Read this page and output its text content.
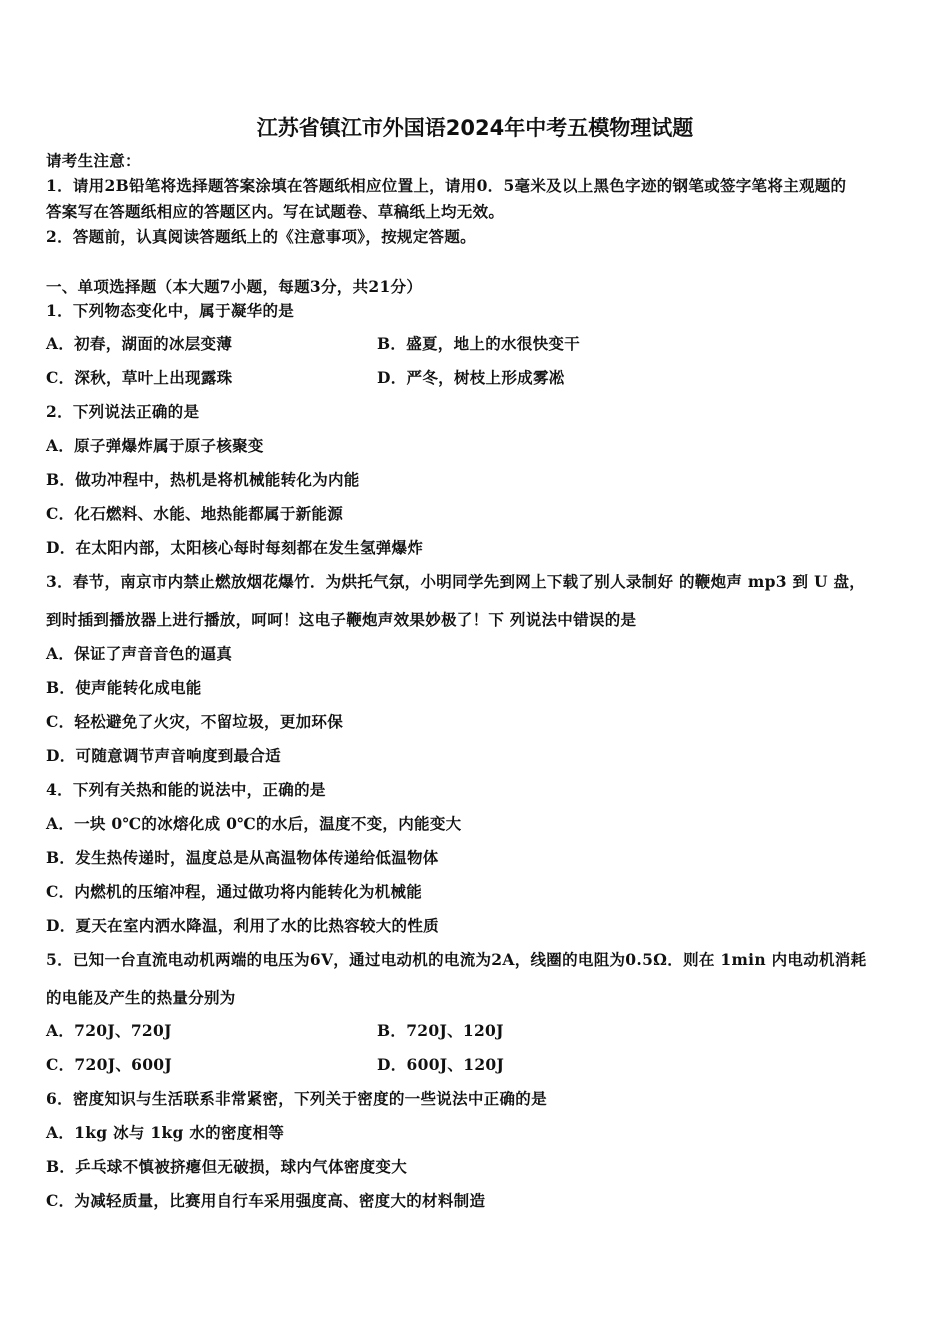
江苏省镇江市外国语2024年中考五模物理试题
请考生注意：
1．请用2B铅笔将选择题答案涂填在答题纸相应位置上，请用0．5毫米及以上黑色字迹的钢笔或签字笔将主观题的
答案写在答题纸相应的答题区内。写在试题卷、草稿纸上均无效。
2．答题前，认真阅读答题纸上的《注意事项》，按规定答题。
一、单项选择题（本大题7小题，每题3分，共21分）
1．下列物态变化中，属于凝华的是
A．初春，湖面的冰层变薄	B．盛夏，地上的水很快变干
C．深秋，草叶上出现露珠	D．严冬，树枝上形成雾凇
2．下列说法正确的是
A．原子弹爆炸属于原子核聚变
B．做功冲程中，热机是将机械能转化为内能
C．化石燃料、水能、地热能都属于新能源
D．在太阳内部，太阳核心每时每刻都在发生氢弹爆炸
3．春节，南京市内禁止燃放烟花爆竹．为烘托气氛，小明同学先到网上下载了别人录制好 的鞭炮声 mp3 到 U 盘，
到时插到播放器上进行播放，呵呵！这电子鞭炮声效果妙极了！下 列说法中错误的是
A．保证了声音音色的逼真
B．使声能转化成电能
C．轻松避免了火灾，不留垃圾，更加环保
D．可随意调节声音响度到最合适
4．下列有关热和能的说法中，正确的是
A．一块 0℃的冰熔化成 0℃的水后，温度不变，内能变大
B．发生热传递时，温度总是从高温物体传递给低温物体
C．内燃机的压缩冲程，通过做功将内能转化为机械能
D．夏天在室内洒水降温，利用了水的比热容较大的性质
5．已知一台直流电动机两端的电压为6V，通过电动机的电流为2A，线圈的电阻为0.5Ω．则在 1min 内电动机消耗
的电能及产生的热量分别为
A．720J、720J	B．720J、120J
C．720J、600J	D．600J、120J
6．密度知识与生活联系非常紧密，下列关于密度的一些说法中正确的是
A．1kg 冰与 1kg 水的密度相等
B．乒乓球不慎被挤瘪但无破损，球内气体密度变大
C．为减轻质量，比赛用自行车采用强度高、密度大的材料制造
